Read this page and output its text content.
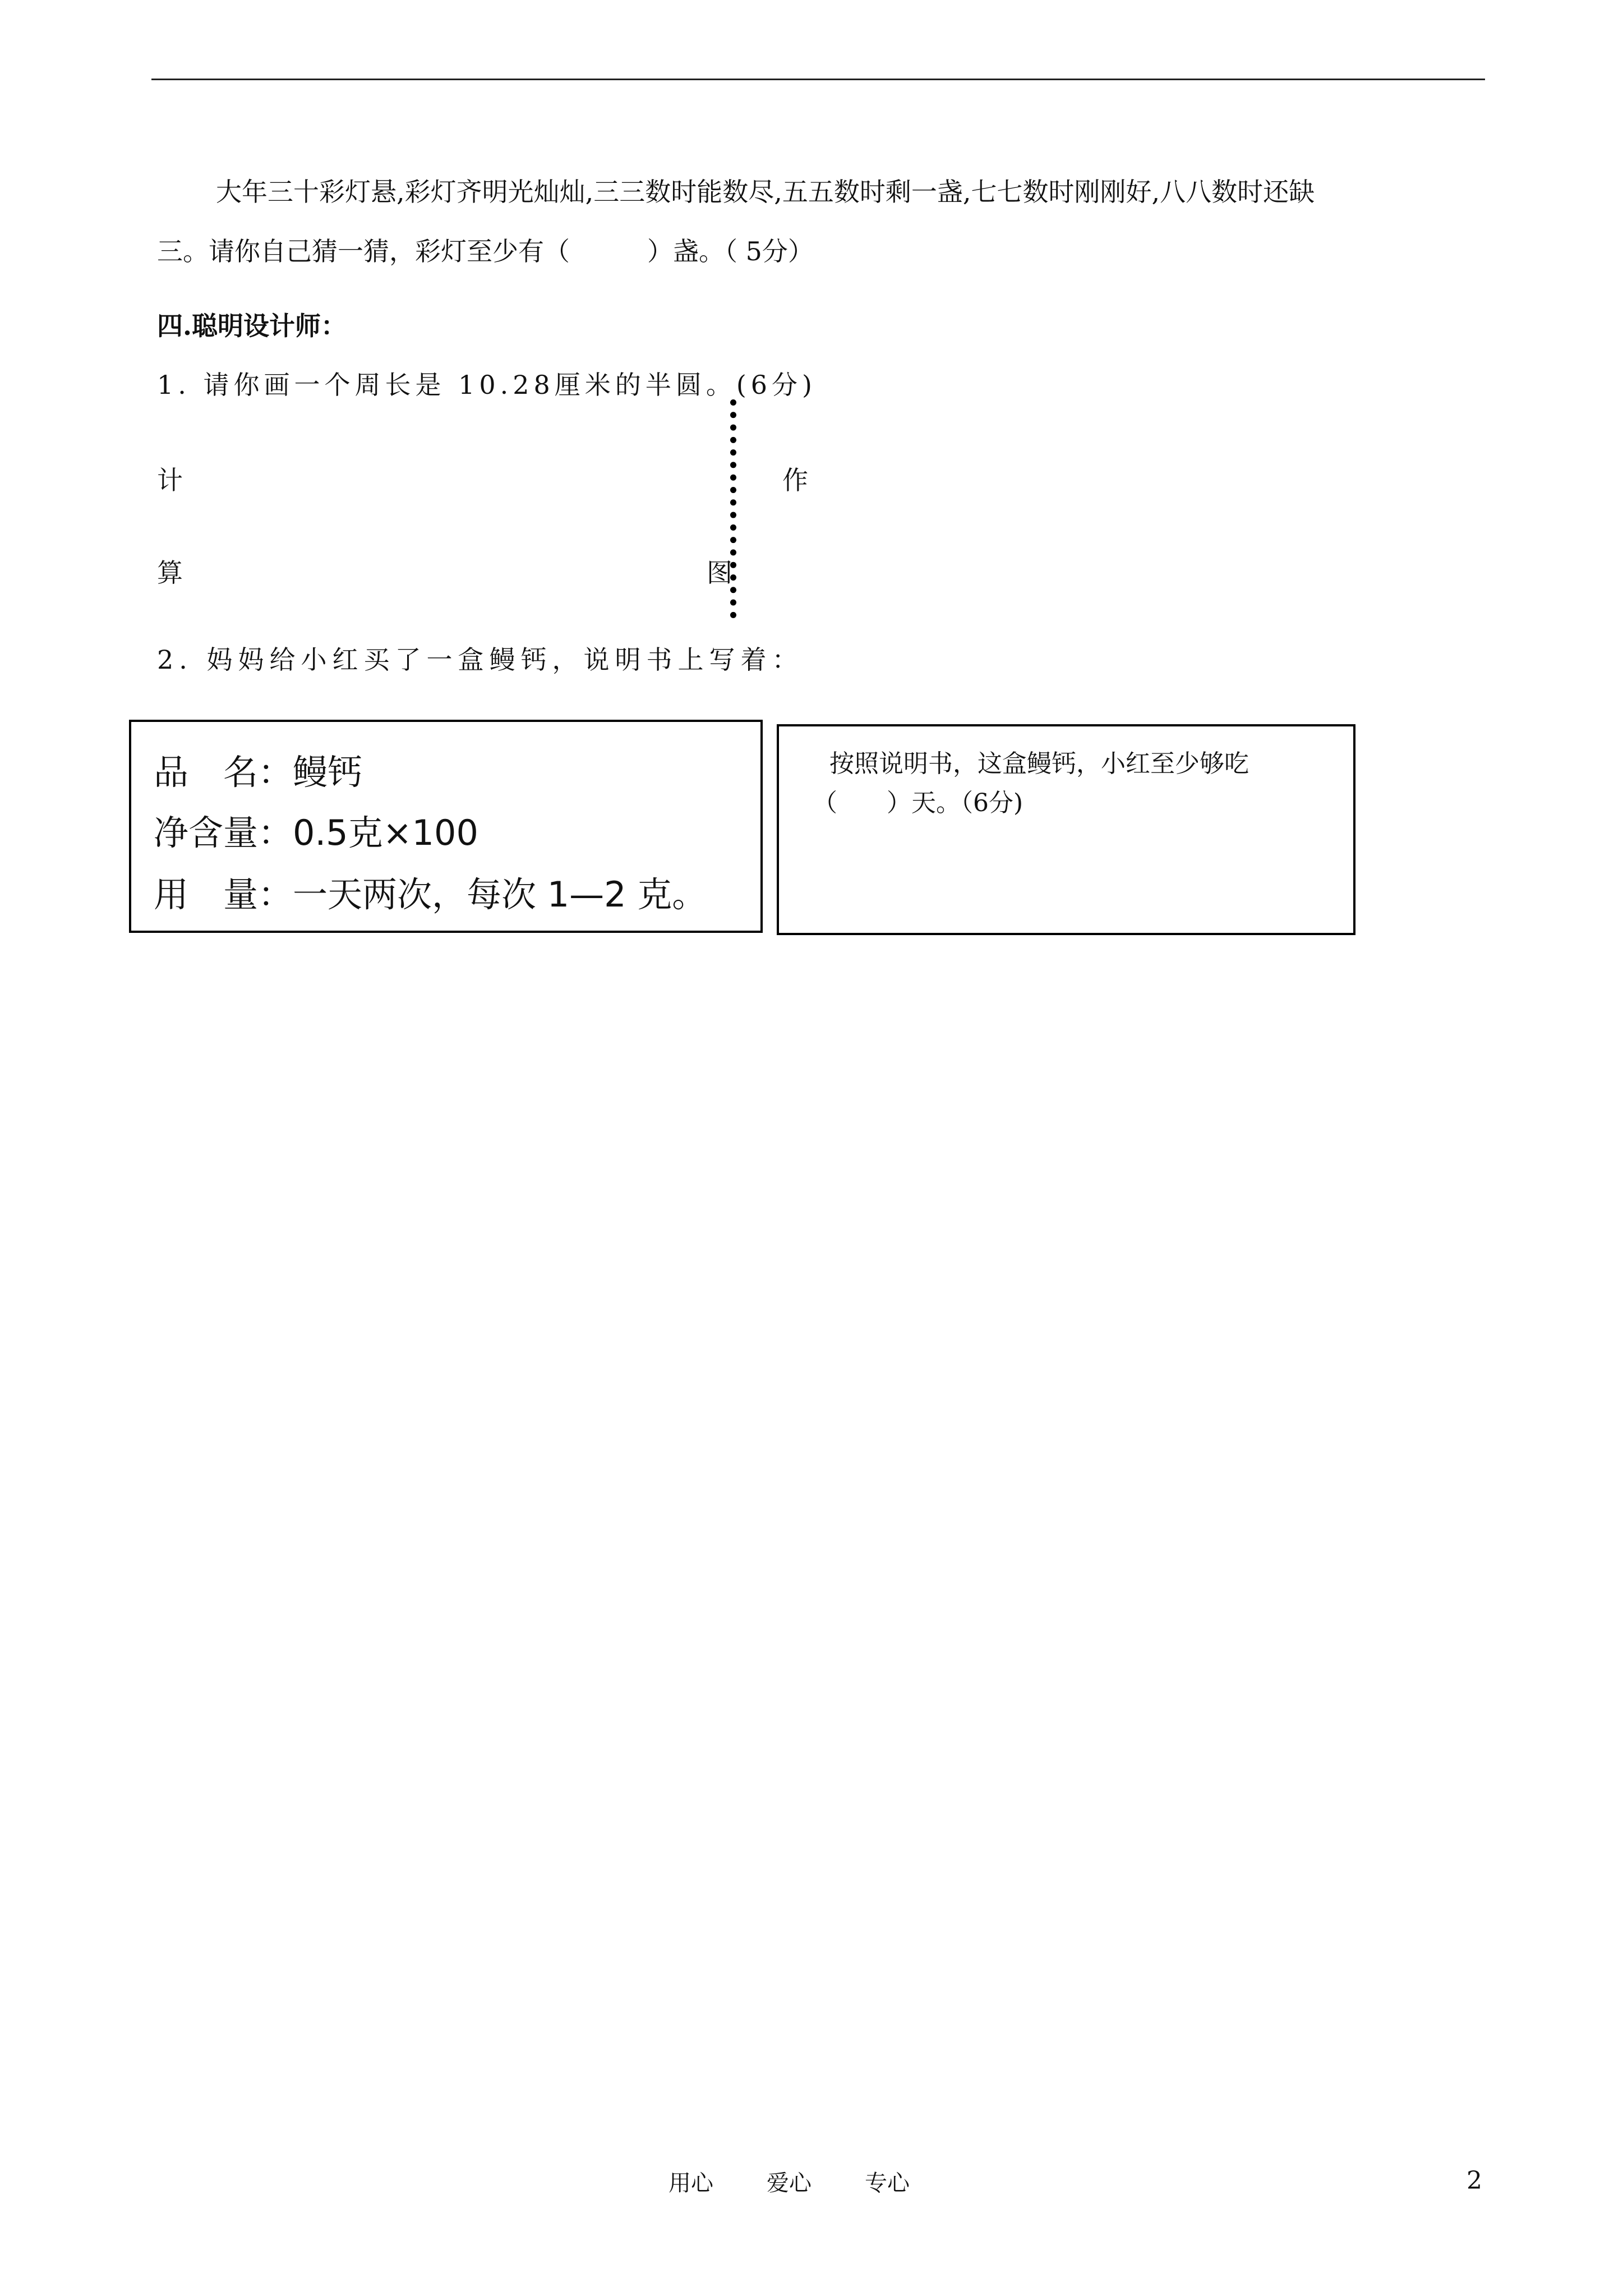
大年三十彩灯悬,彩灯齐明光灿灿,三三数时能数尽,五五数时剩一盏,七七数时刚刚好,八八数时还缺
三。请你自己猜一猜，彩灯至少有（　　　）盏。（ 5分）
四.聪明设计师：
1. 请你画一个周长是 10.28厘米的半圆。(6分)
计
算
作
图
2. 妈妈给小红买了一盒鳗钙，说明书上写着：
品　名：鳗钙
净含量：0.5克×100
用　量：一天两次，每次 1—2 克。
按照说明书，这盒鳗钙，小红至少够吃
（　　）天。（6分)
用心 爱心 专心	2
